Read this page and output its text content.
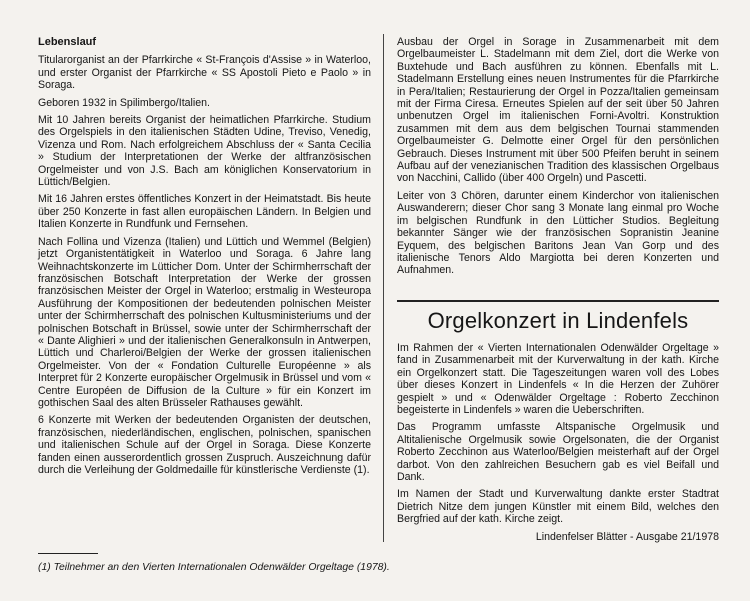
Lebenslauf

Titularorganist an der Pfarrkirche « St-François d'Assise » in Waterloo, und erster Organist der Pfarrkirche « SS Apostoli Pieto e Paolo » in Soraga.

Geboren 1932 in Spilimbergo/Italien.

Mit 10 Jahren bereits Organist der heimatlichen Pfarrkirche. Studium des Orgelspiels in den italienischen Städten Udine, Treviso, Venedig, Vizenza und Rom. Nach erfolgreichem Abschluss der « Santa Cecilia » Studium der Interpretationen der Werke der altfranzösischen Orgelmeister und von J.S. Bach am königlichen Konservatorium in Lüttich/Belgien.

Mit 16 Jahren erstes öffentliches Konzert in der Heimatstadt. Bis heute über 250 Konzerte in fast allen europäischen Ländern. In Belgien und Italien Konzerte in Rundfunk und Fernsehen.

Nach Follina und Vizenza (Italien) und Lüttich und Wemmel (Belgien) jetzt Organistentätigkeit in Waterloo und Soraga. 6 Jahre lang Weihnachtskonzerte im Lütticher Dom. Unter der Schirmherrschaft der französischen Botschaft Interpretation der Werke der grossen französischen Meister der Orgel in Waterloo; erstmalig in Westeuropa Ausführung der Kompositionen der bedeutenden polnischen Meister unter der Schirmherrschaft des polnischen Kultusministeriums und der polnischen Botschaft in Brüssel, sowie unter der Schirmherrschaft der « Dante Alighieri » und der italienischen Generalkonsuln in Antwerpen, Lüttich und Charleroi/Belgien der Werke der grossen italienischen Orgelmeister. Von der « Fondation Culturelle Européenne » als Interpret für 2 Konzerte europäischer Orgelmusik in Brüssel und vom « Centre Européen de Diffusion de la Culture » für ein Konzert im gothischen Saal des alten Brüsseler Rathauses gewählt.

6 Konzerte mit Werken der bedeutenden Organisten der deutschen, französischen, niederländischen, englischen, polnischen, spanischen und italienischen Schule auf der Orgel in Soraga. Diese Konzerte fanden einen ausserordentlich grossen Zuspruch. Auszeichnung dafür durch die Verleihung der Goldmedaille für künstlerische Verdienste (1).

Ausbau der Orgel in Sorage in Zusammenarbeit mit dem Orgelbaumeister L. Stadelmann mit dem Ziel, dort die Werke von Buxtehude und Bach ausführen zu können. Ebenfalls mit L. Stadelmann Erstellung eines neuen Instrumentes für die Pfarrkirche in Pera/Italien; Restaurierung der Orgel in Pozza/Italien gemeinsam mit der Firma Ciresa. Erneutes Spielen auf der seit über 50 Jahren unbenutzen Orgel im italienischen Forni-Avoltri. Konstruktion zusammen mit dem aus dem belgischen Tournai stammenden Orgelbaumeister G. Delmotte einer Orgel für den persönlichen Gebrauch. Dieses Instrument mit über 500 Pfeifen beruht in seinem Aufbau auf der venezianischen Tradition des klassischen Orgelbaus von Nacchini, Callido (über 400 Orgeln) und Pascetti.

Leiter von 3 Chören, darunter einem Kinderchor von italienischen Auswanderern; dieser Chor sang 3 Monate lang einmal pro Woche im belgischen Rundfunk in den Lütticher Studios. Begleitung bekannter Sänger wie der französischen Sopranistin Jeanine Eyquem, des belgischen Baritons Jean Van Gorp und des italienische Tenors Aldo Margiotta bei deren Konzerten und Aufnahmen.

Orgelkonzert in Lindenfels

Im Rahmen der « Vierten Internationalen Odenwälder Orgeltage » fand in Zusammenarbeit mit der Kurverwaltung in der kath. Kirche ein Orgelkonzert statt. Die Tageszeitungen waren voll des Lobes über dieses Konzert in Lindenfels « In die Herzen der Zuhörer gespielt » und « Odenwälder Orgeltage : Roberto Zecchinon begeisterte in Lindenfels » waren die Ueberschriften.

Das Programm umfasste Altspanische Orgelmusik und Altitalienische Orgelmusik sowie Orgelsonaten, die der Organist Roberto Zecchinon aus Waterloo/Belgien meisterhaft auf der Orgel darbot. Von den zahlreichen Besuchern gab es viel Beifall und Dank.

Im Namen der Stadt und Kurverwaltung dankte erster Stadtrat Dietrich Nitze dem jungen Künstler mit einem Bild, welches den Bergfried auf der kath. Kirche zeigt.

Lindenfelser Blätter - Ausgabe 21/1978

(1) Teilnehmer an den Vierten Internationalen Odenwälder Orgeltage (1978).
